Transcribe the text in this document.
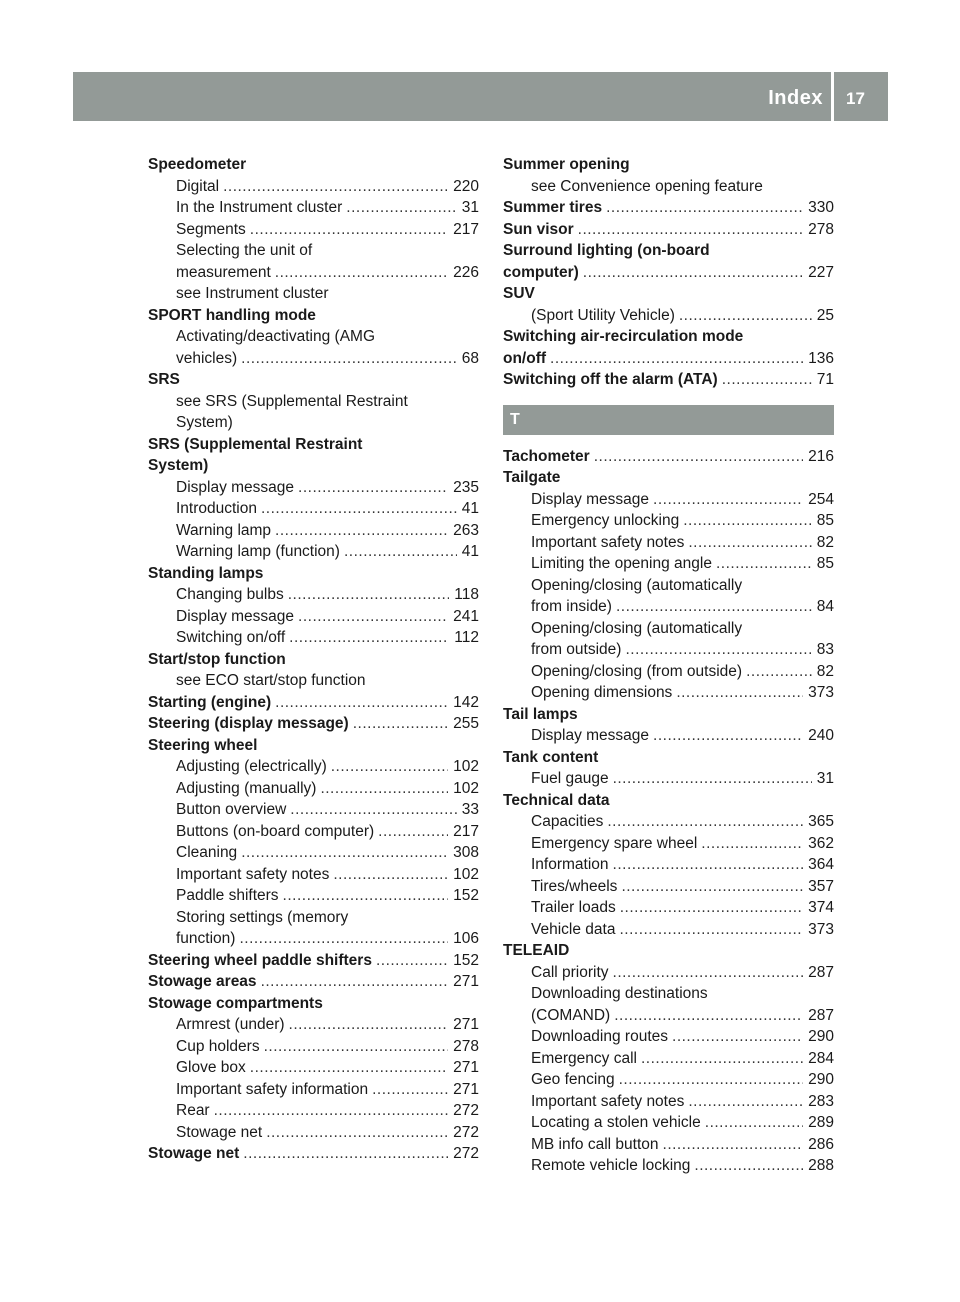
Index 17
Speedometer
Digital .....	220
In the Instrument cluster .....	31
Segments .....	217
Selecting the unit of
measurement .....	226
see Instrument cluster
SPORT handling mode
Activating/deactivating (AMG
vehicles) .....	68
SRS
see SRS (Supplemental Restraint
System)
SRS (Supplemental Restraint
System)
Display message .....	235
Introduction .....	41
Warning lamp .....	263
Warning lamp (function) .....	41
Standing lamps
Changing bulbs .....	118
Display message .....	241
Switching on/off .....	112
Start/stop function
see ECO start/stop function
Starting (engine) .....	142
Steering (display message) .....	255
Steering wheel
Adjusting (electrically) .....	102
Adjusting (manually) .....	102
Button overview .....	33
Buttons (on-board computer) .....	217
Cleaning .....	308
Important safety notes .....	102
Paddle shifters .....	152
Storing settings (memory
function) .....	106
Steering wheel paddle shifters .....	152
Stowage areas .....	271
Stowage compartments
Armrest (under) .....	271
Cup holders .....	278
Glove box .....	271
Important safety information .....	271
Rear .....	272
Stowage net .....	272
Stowage net .....	272
Summer opening
see Convenience opening feature
Summer tires .....	330
Sun visor .....	278
Surround lighting (on-board
computer) .....	227
SUV
(Sport Utility Vehicle) .....	25
Switching air-recirculation mode
on/off .....	136
Switching off the alarm (ATA) .....	71
T
Tachometer .....	216
Tailgate
Display message .....	254
Emergency unlocking .....	85
Important safety notes .....	82
Limiting the opening angle .....	85
Opening/closing (automatically
from inside) .....	84
Opening/closing (automatically
from outside) .....	83
Opening/closing (from outside) .....	82
Opening dimensions .....	373
Tail lamps
Display message .....	240
Tank content
Fuel gauge .....	31
Technical data
Capacities .....	365
Emergency spare wheel .....	362
Information .....	364
Tires/wheels .....	357
Trailer loads .....	374
Vehicle data .....	373
TELEAID
Call priority .....	287
Downloading destinations
(COMAND) .....	287
Downloading routes .....	290
Emergency call .....	284
Geo fencing .....	290
Important safety notes .....	283
Locating a stolen vehicle .....	289
MB info call button .....	286
Remote vehicle locking .....	288
